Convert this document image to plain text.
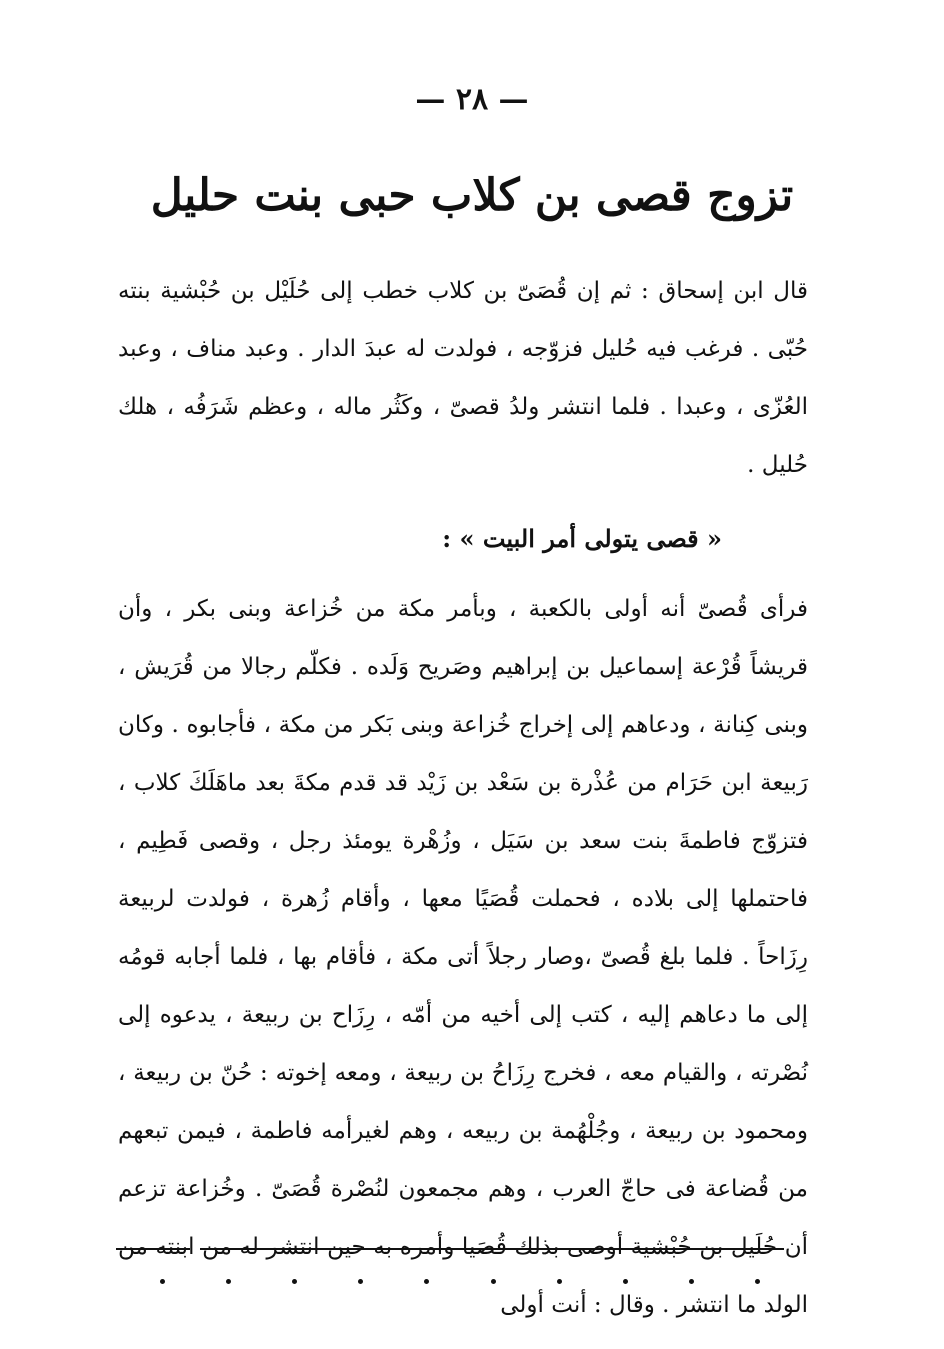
— ٢٨ —
تزوج قصى بن كلاب حبى بنت حليل

قال ابن إسحاق : ثم إن قُصَىّ بن كلاب خطب إلى حُلَيْل بن حُبْشية بنته حُبّى . فرغب فيه حُليل فزوّجه ، فولدت له عبدَ الدار . وعبد مناف ، وعبد العُزّى ، وعبدا . فلما انتشر ولدُ قصىّ ، وكَثُر ماله ، وعظم شَرَفُه ، هلك حُليل .

« قصى يتولى أمر البيت » :

فرأى قُصىّ أنه أولى بالكعبة ، وبأمر مكة من خُزاعة وبنى بكر ، وأن قريشاً قُرْعة إسماعيل بن إبراهيم وصَريح وَلَده . فكلّم رجالا من قُرَيش ، وبنى كِنانة ، ودعاهم إلى إخراج خُزاعة وبنى بَكر من مكة ، فأجابوه . وكان رَبيعة ابن حَرَام من عُذْرة بن سَعْد بن زَيْد قد قدم مكةَ بعد ماهَلَكَ كلاب ، فتزوّج فاطمةَ بنت سعد بن سَيَل ، وزُهْرة يومئذ رجل ، وقصى فَطِيم ، فاحتملها إلى بلاده ، فحملت قُصَيًا معها ، وأقام زُهرة ، فولدت لربيعة رِزَاحاً . فلما بلغ قُصىّ ،وصار رجلاً أتى مكة ، فأقام بها ، فلما أجابه قومُه إلى ما دعاهم إليه ، كتب إلى أخيه من أمّه ، رِزَاح بن ربيعة ، يدعوه إلى نُصْرته ، والقيام معه ، فخرج رِزَاحُ بن ربيعة ، ومعه إخوته : حُنّ بن ربيعة ، ومحمود بن ربيعة ، وجُلْهُمة بن ربيعه ، وهم لغيرأمه فاطمة ، فيمن تبعهم من قُضاعة فى حاجّ العرب ، وهم مجمعون لنُصْرة قُصَىّ . وخُزاعة تزعم أن حُلَيل بن حُبْشية أوصى بذلك قُصَيا وأمره به حين انتشر له من ابنته من الولد ما انتشر . وقال : أنت أولى
